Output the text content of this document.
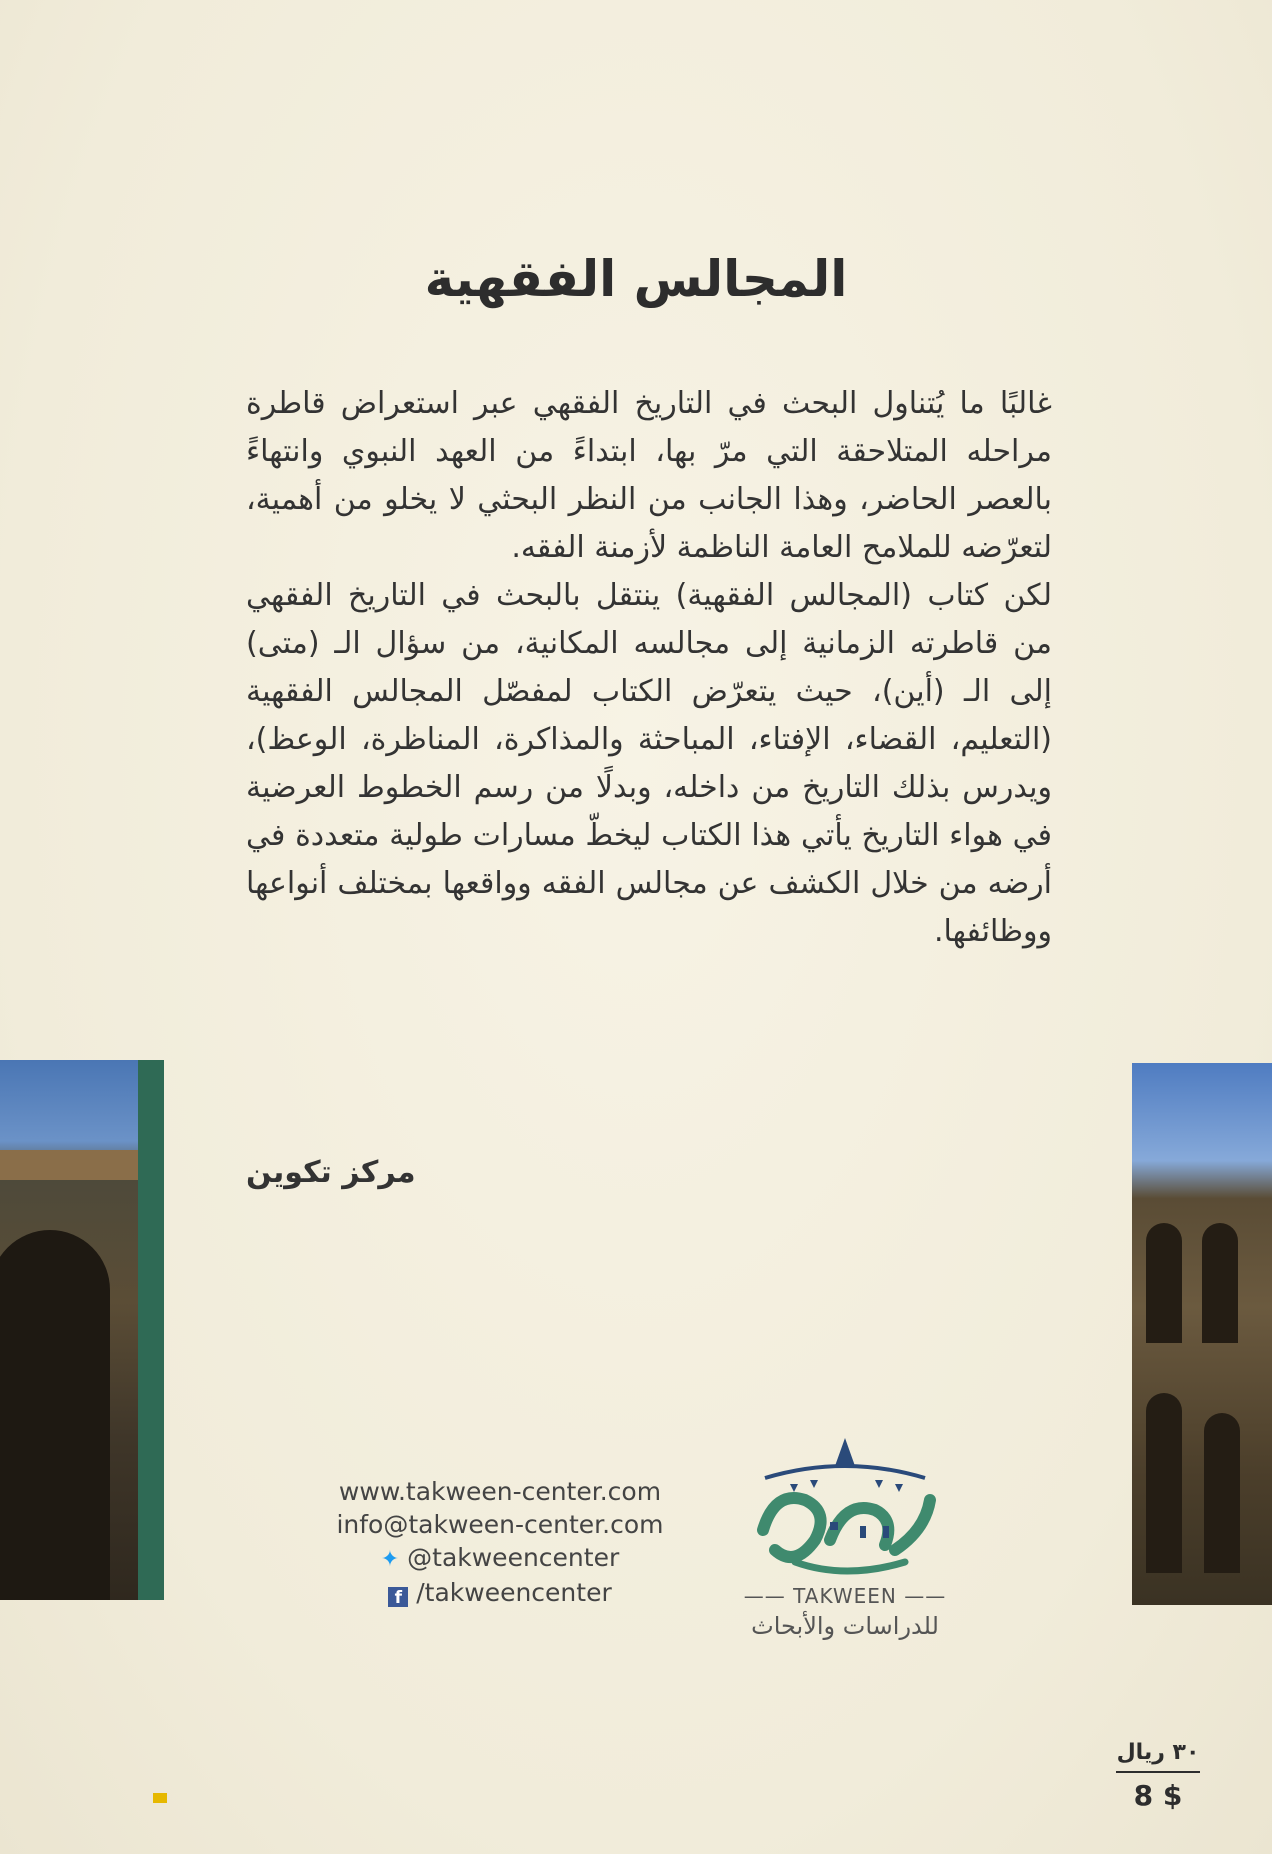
المجالس الفقهية

غالبًا ما يُتناول البحث في التاريخ الفقهي عبر استعراض قاطرة مراحله المتلاحقة التي مرّ بها، ابتداءً من العهد النبوي وانتهاءً بالعصر الحاضر، وهذا الجانب من النظر البحثي لا يخلو من أهمية، لتعرّضه للملامح العامة الناظمة لأزمنة الفقه.

لكن كتاب (المجالس الفقهية) ينتقل بالبحث في التاريخ الفقهي من قاطرته الزمانية إلى مجالسه المكانية، من سؤال الـ (متى) إلى الـ (أين)، حيث يتعرّض الكتاب لمفصّل المجالس الفقهية (التعليم، القضاء، الإفتاء، المباحثة والمذاكرة، المناظرة، الوعظ)، ويدرس بذلك التاريخ من داخله، وبدلًا من رسم الخطوط العرضية في هواء التاريخ يأتي هذا الكتاب ليخطّ مسارات طولية متعددة في أرضه من خلال الكشف عن مجالس الفقه وواقعها بمختلف أنواعها ووظائفها.

مركز تكوين
www.takween-center.com
info@takween-center.com
✦ @takweencenter
f /takweencenter	—— TAKWEEN ——
للدراسات والأبحاث
٣٠ ريال
8 $
